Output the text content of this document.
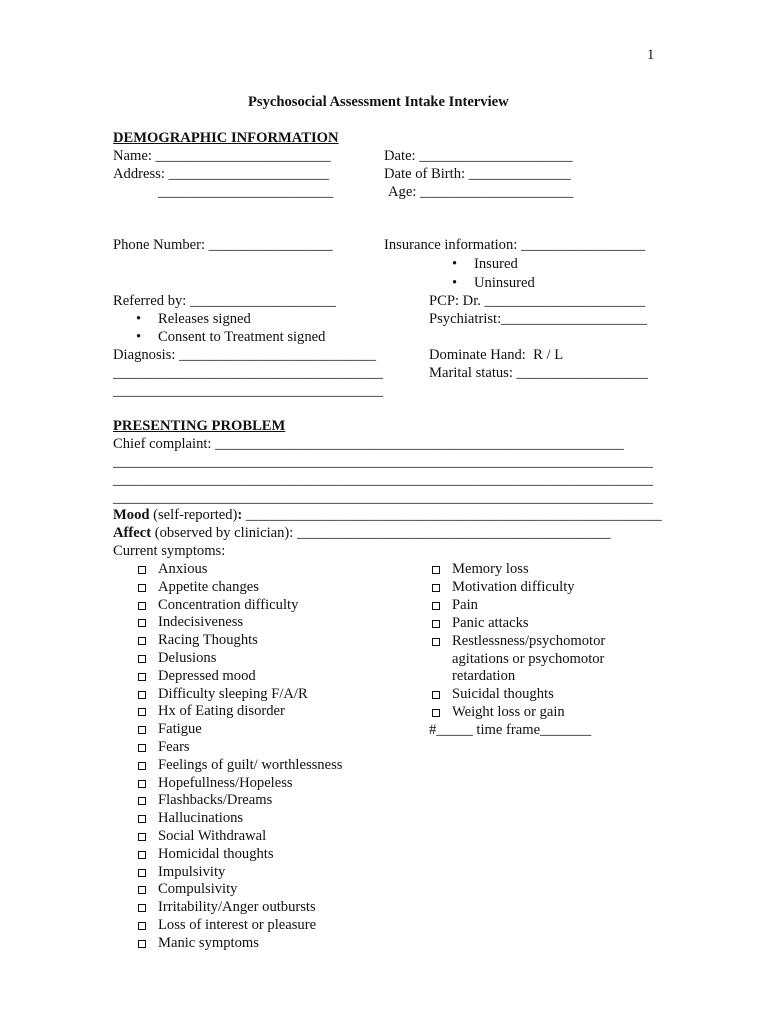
1
Psychosocial Assessment Intake Interview
DEMOGRAPHIC INFORMATION
Name: ________________________
Address: ______________________
________________________
Date: _____________________
Date of Birth: ______________
Age: _____________________
Phone Number: _________________	Insurance information: _________________
• Insured
• Uninsured
Referred by: ____________________
• Releases signed
• Consent to Treatment signed
Diagnosis: ___________________________
_____________________________________
_____________________________________
PCP: Dr. ______________________
Psychiatrist:____________________
Dominate Hand:  R / L
Marital status: __________________
PRESENTING PROBLEM
Chief complaint: ________________________________________________________
__________________________________________________________________________
__________________________________________________________________________
__________________________________________________________________________
Mood (self-reported): _________________________________________________________
Affect (observed by clinician): ___________________________________________
Current symptoms:
Anxious
Appetite changes
Concentration difficulty
Indecisiveness
Racing Thoughts
Delusions
Depressed mood
Difficulty sleeping F/A/R
Hx of Eating disorder
Fatigue
Fears
Feelings of guilt/ worthlessness
Hopefullness/Hopeless
Flashbacks/Dreams
Hallucinations
Social Withdrawal
Homicidal thoughts
Impulsivity
Compulsivity
Irritability/Anger outbursts
Loss of interest or pleasure
Manic symptoms
Memory loss
Motivation difficulty
Pain
Panic attacks
Restlessness/psychomotor
agitations or psychomotor
retardation
Suicidal thoughts
Weight loss or gain
#_____ time frame_______
